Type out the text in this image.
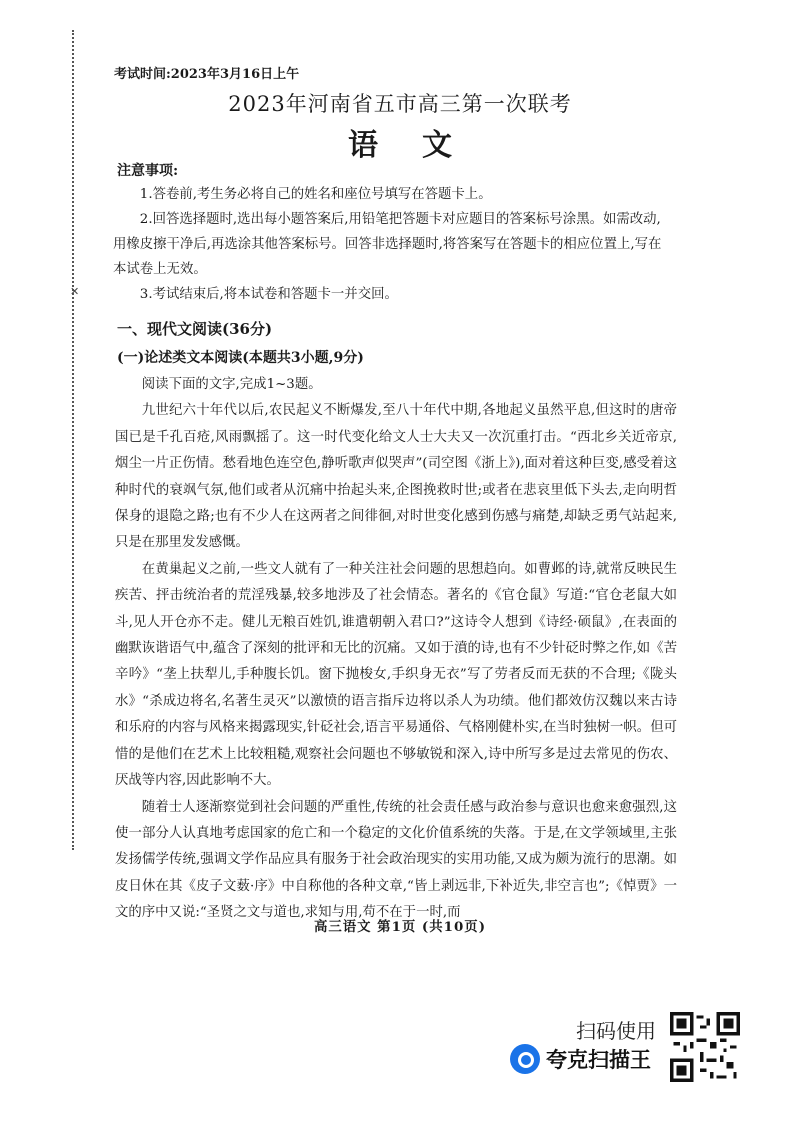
✕
考试时间:2023年3月16日上午
2023年河南省五市高三第一次联考
语文
注意事项:
1.答卷前,考生务必将自己的姓名和座位号填写在答题卡上。
2.回答选择题时,选出每小题答案后,用铅笔把答题卡对应题目的答案标号涂黑。如需改动,用橡皮擦干净后,再选涂其他答案标号。回答非选择题时,将答案写在答题卡的相应位置上,写在本试卷上无效。
3.考试结束后,将本试卷和答题卡一并交回。
一、现代文阅读(36分)
(一)论述类文本阅读(本题共3小题,9分)

阅读下面的文字,完成1~3题。

九世纪六十年代以后,农民起义不断爆发,至八十年代中期,各地起义虽然平息,但这时的唐帝国已是千孔百疮,风雨飘摇了。这一时代变化给文人士大夫又一次沉重打击。“西北乡关近帝京,烟尘一片正伤情。愁看地色连空色,静听歌声似哭声”(司空图《浙上》),面对着这种巨变,感受着这种时代的衰飒气氛,他们或者从沉痛中抬起头来,企图挽救时世;或者在悲哀里低下头去,走向明哲保身的退隐之路;也有不少人在这两者之间徘徊,对时世变化感到伤感与痛楚,却缺乏勇气站起来,只是在那里发发感慨。

在黄巢起义之前,一些文人就有了一种关注社会问题的思想趋向。如曹邺的诗,就常反映民生疾苦、抨击统治者的荒淫残暴,较多地涉及了社会情态。著名的《官仓鼠》写道:“官仓老鼠大如斗,见人开仓亦不走。健儿无粮百姓饥,谁遣朝朝入君口?”这诗令人想到《诗经·硕鼠》,在表面的幽默诙谐语气中,蕴含了深刻的批评和无比的沉痛。又如于濆的诗,也有不少针砭时弊之作,如《苦辛吟》“垄上扶犁儿,手种腹长饥。窗下抛梭女,手织身无衣”写了劳者反而无获的不合理;《陇头水》“杀成边将名,名著生灵灭”以激愤的语言指斥边将以杀人为功绩。他们都效仿汉魏以来古诗和乐府的内容与风格来揭露现实,针砭社会,语言平易通俗、气格刚健朴实,在当时独树一帜。但可惜的是他们在艺术上比较粗糙,观察社会问题也不够敏锐和深入,诗中所写多是过去常见的伤农、厌战等内容,因此影响不大。

随着士人逐渐察觉到社会问题的严重性,传统的社会责任感与政治参与意识也愈来愈强烈,这使一部分人认真地考虑国家的危亡和一个稳定的文化价值系统的失落。于是,在文学领域里,主张发扬儒学传统,强调文学作品应具有服务于社会政治现实的实用功能,又成为颇为流行的思潮。如皮日休在其《皮子文薮·序》中自称他的各种文章,“皆上剥远非,下补近失,非空言也”;《悼贾》一文的序中又说:“圣贤之文与道也,求知与用,苟不在于一时,而

高三语文 第1页 (共10页)
扫码使用
夸克扫描王
